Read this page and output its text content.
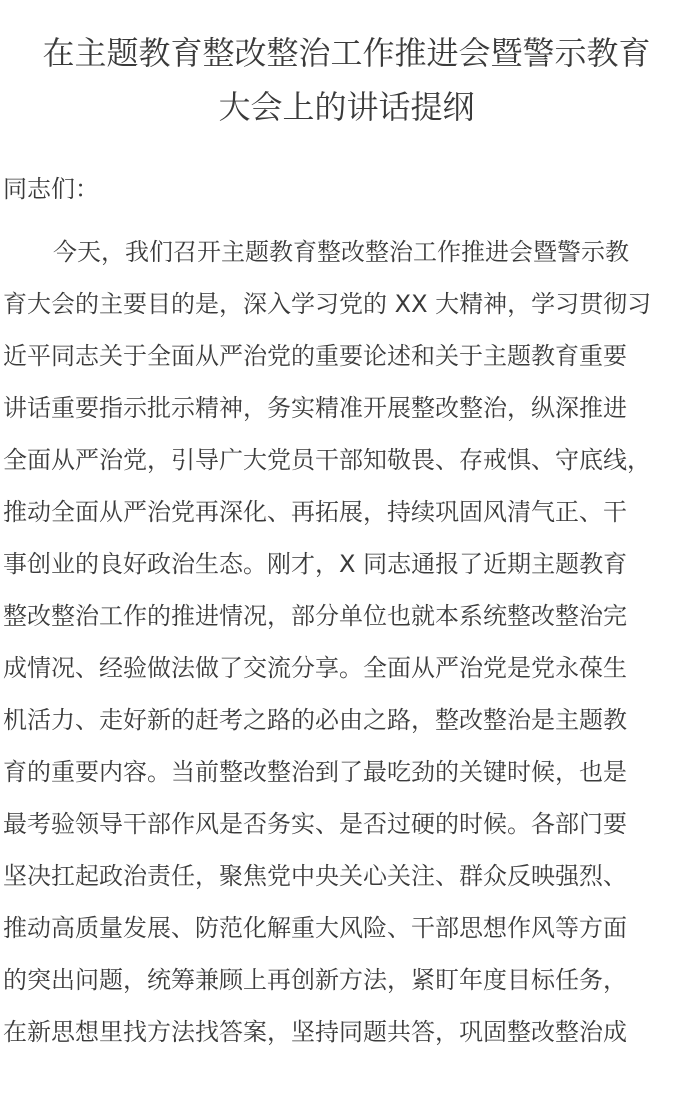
在主题教育整改整治工作推进会暨警示教育
大会上的讲话提纲

同志们：

今天，我们召开主题教育整改整治工作推进会暨警示教
育大会的主要目的是，深入学习党的 XX 大精神，学习贯彻习
近平同志关于全面从严治党的重要论述和关于主题教育重要
讲话重要指示批示精神，务实精准开展整改整治，纵深推进
全面从严治党，引导广大党员干部知敬畏、存戒惧、守底线，
推动全面从严治党再深化、再拓展，持续巩固风清气正、干
事创业的良好政治生态。刚才，X 同志通报了近期主题教育
整改整治工作的推进情况，部分单位也就本系统整改整治完
成情况、经验做法做了交流分享。全面从严治党是党永葆生
机活力、走好新的赶考之路的必由之路，整改整治是主题教
育的重要内容。当前整改整治到了最吃劲的关键时候，也是
最考验领导干部作风是否务实、是否过硬的时候。各部门要
坚决扛起政治责任，聚焦党中央关心关注、群众反映强烈、
推动高质量发展、防范化解重大风险、干部思想作风等方面
的突出问题，统筹兼顾上再创新方法，紧盯年度目标任务，
在新思想里找方法找答案，坚持同题共答，巩固整改整治成
